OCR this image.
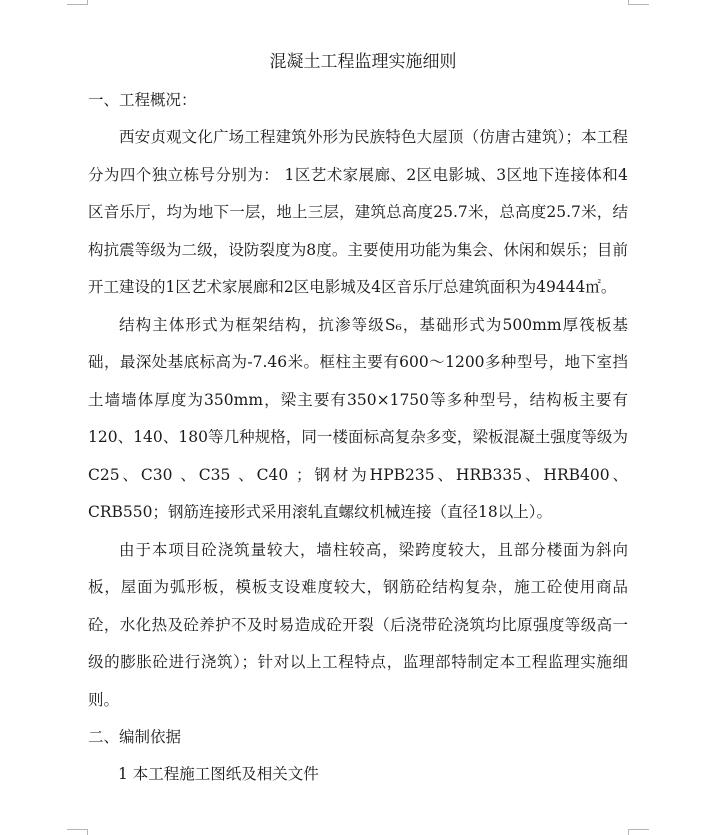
混凝土工程监理实施细则

一、工程概况：

西安贞观文化广场工程建筑外形为民族特色大屋顶（仿唐古建筑）；本工程分为四个独立栋号分别为： 1区艺术家展廊、2区电影城、3区地下连接体和4区音乐厅，均为地下一层，地上三层，建筑总高度25.7米，总高度25.7米，结构抗震等级为二级，设防裂度为8度。主要使用功能为集会、休闲和娱乐；目前开工建设的1区艺术家展廊和2区电影城及4区音乐厅总建筑面积为49444㎡。

结构主体形式为框架结构，抗渗等级S₆，基础形式为500mm厚筏板基础，最深处基底标高为-7.46米。框柱主要有600～1200多种型号，地下室挡土墙墙体厚度为350mm，梁主要有350×1750等多种型号，结构板主要有120、140、180等几种规格，同一楼面标高复杂多变，梁板混凝土强度等级为C25、C30 、C35 、C40 ；钢材为HPB235、HRB335、HRB400、CRB550；钢筋连接形式采用滚轧直螺纹机械连接（直径18以上）。

由于本项目砼浇筑量较大，墙柱较高，梁跨度较大，且部分楼面为斜向板，屋面为弧形板，模板支设难度较大，钢筋砼结构复杂，施工砼使用商品砼，水化热及砼养护不及时易造成砼开裂（后浇带砼浇筑均比原强度等级高一级的膨胀砼进行浇筑）；针对以上工程特点，监理部特制定本工程监理实施细则。

二、编制依据

1 本工程施工图纸及相关文件
